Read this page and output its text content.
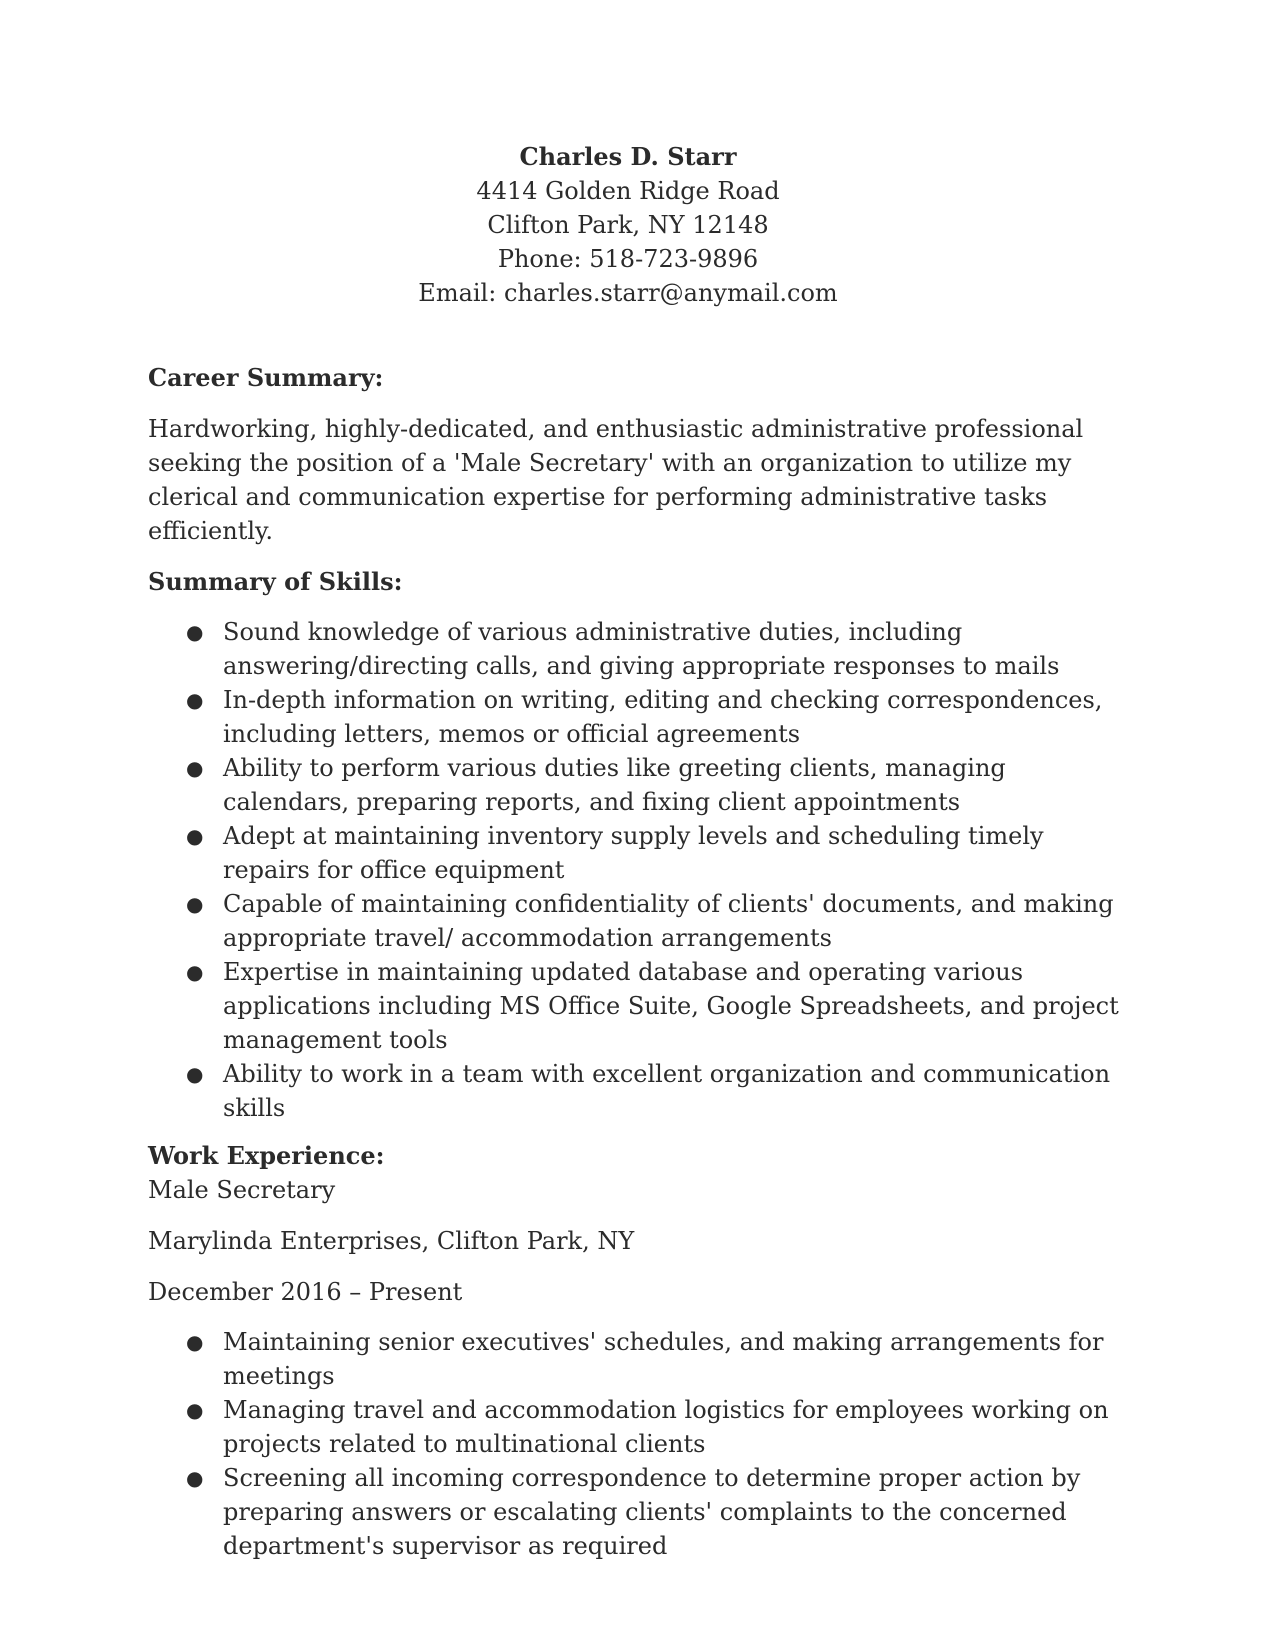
Charles D. Starr
4414 Golden Ridge Road
Clifton Park, NY 12148
Phone: 518-723-9896
Email: charles.starr@anymail.com
Career Summary:
Hardworking, highly-dedicated, and enthusiastic administrative professional seeking the position of a 'Male Secretary' with an organization to utilize my clerical and communication expertise for performing administrative tasks efficiently.
Summary of Skills:
● Sound knowledge of various administrative duties, including answering/directing calls, and giving appropriate responses to mails
● In-depth information on writing, editing and checking correspondences, including letters, memos or official agreements
● Ability to perform various duties like greeting clients, managing calendars, preparing reports, and fixing client appointments
● Adept at maintaining inventory supply levels and scheduling timely repairs for office equipment
● Capable of maintaining confidentiality of clients' documents, and making appropriate travel/ accommodation arrangements
● Expertise in maintaining updated database and operating various applications including MS Office Suite, Google Spreadsheets, and project management tools
● Ability to work in a team with excellent organization and communication skills
Work Experience:
Male Secretary
Marylinda Enterprises, Clifton Park, NY
December 2016 – Present
● Maintaining senior executives' schedules, and making arrangements for meetings
● Managing travel and accommodation logistics for employees working on projects related to multinational clients
● Screening all incoming correspondence to determine proper action by preparing answers or escalating clients' complaints to the concerned department's supervisor as required
